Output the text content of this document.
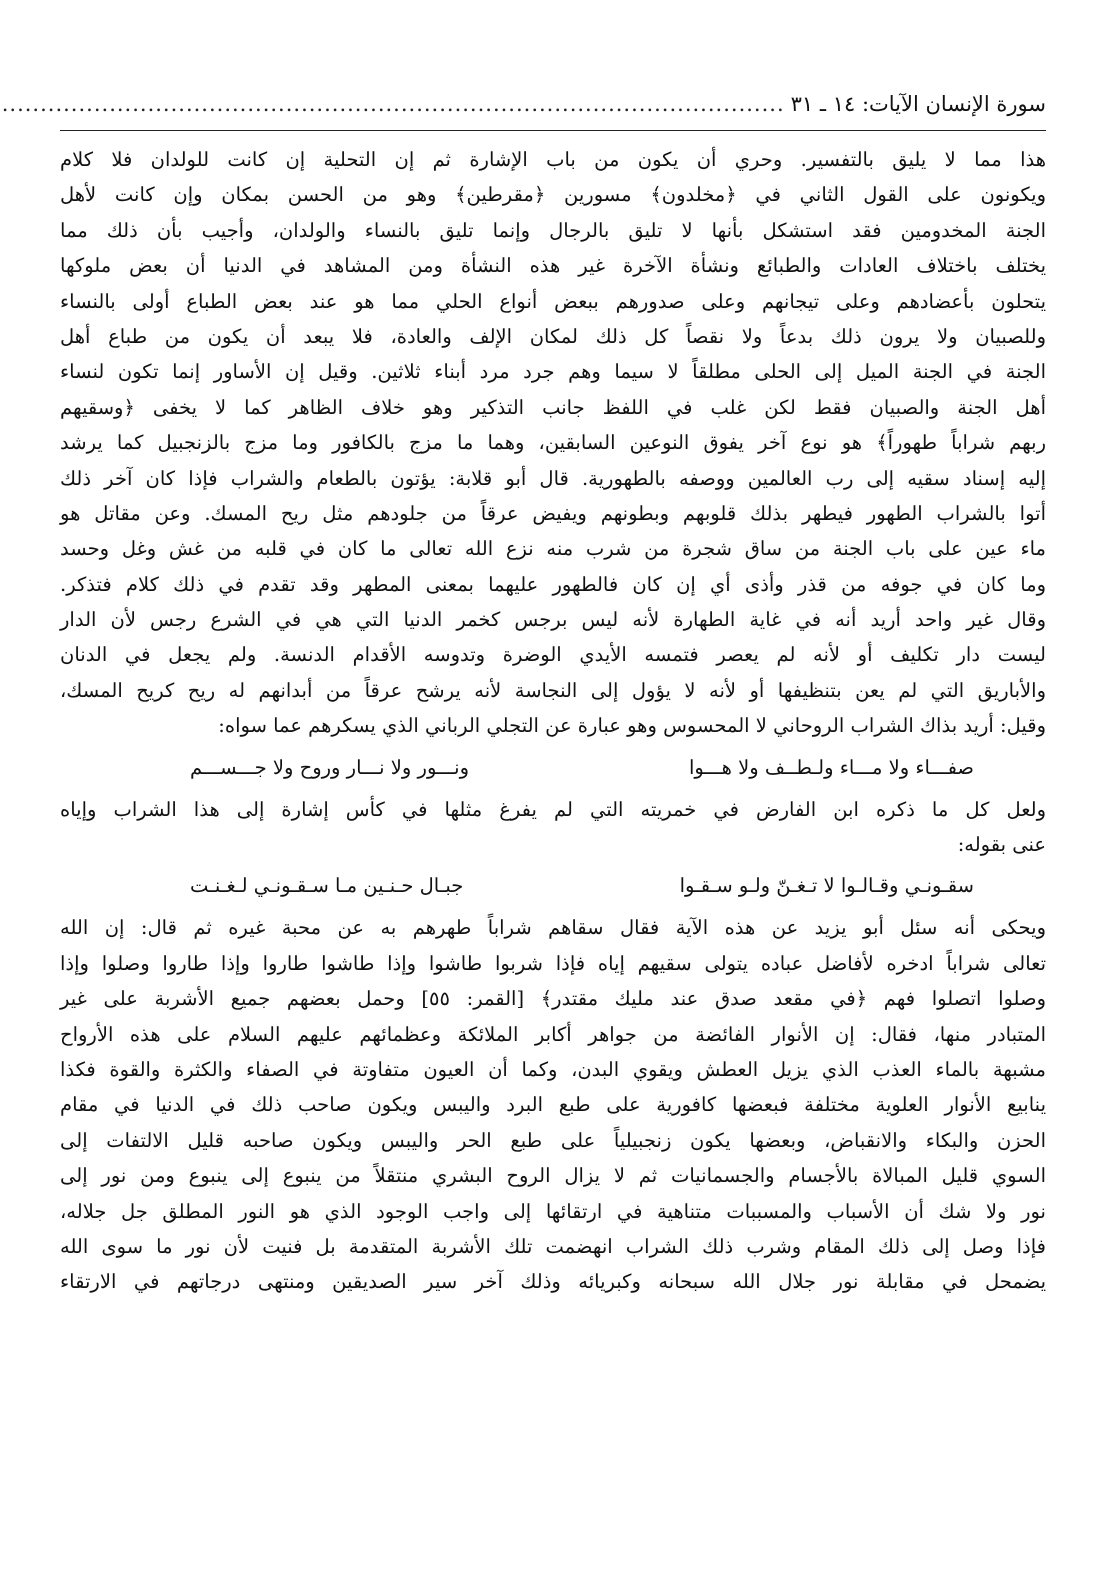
سورة الإنسان الآيات: ١٤ ـ ٣١
......................................................................................................
هذا مما لا يليق بالتفسير. وحري أن يكون من باب الإشارة ثم إن التحلية إن كانت للولدان فلا كلام
ويكونون على القول الثاني في ﴿مخلدون﴾ مسورين ﴿مقرطين﴾ وهو من الحسن بمكان وإن كانت لأهل
الجنة المخدومين فقد استشكل بأنها لا تليق بالرجال وإنما تليق بالنساء والولدان، وأجيب بأن ذلك مما
يختلف باختلاف العادات والطبائع ونشأة الآخرة غير هذه النشأة ومن المشاهد في الدنيا أن بعض ملوكها
يتحلون بأعضادهم وعلى تيجانهم وعلى صدورهم ببعض أنواع الحلي مما هو عند بعض الطباع أولى بالنساء
وللصبيان ولا يرون ذلك بدعاً ولا نقصاً كل ذلك لمكان الإلف والعادة، فلا يبعد أن يكون من طباع أهل
الجنة في الجنة الميل إلى الحلى مطلقاً لا سيما وهم جرد مرد أبناء ثلاثين. وقيل إن الأساور إنما تكون لنساء
أهل الجنة والصبيان فقط لكن غلب في اللفظ جانب التذكير وهو خلاف الظاهر كما لا يخفى ﴿وسقيهم
ربهم شراباً طهوراً﴾ هو نوع آخر يفوق النوعين السابقين، وهما ما مزج بالكافور وما مزج بالزنجبيل كما يرشد
إليه إسناد سقيه إلى رب العالمين ووصفه بالطهورية. قال أبو قلابة: يؤتون بالطعام والشراب فإذا كان آخر ذلك
أتوا بالشراب الطهور فيطهر بذلك قلوبهم وبطونهم ويفيض عرقاً من جلودهم مثل ريح المسك. وعن مقاتل هو
ماء عين على باب الجنة من ساق شجرة من شرب منه نزع الله تعالى ما كان في قلبه من غش وغل وحسد
وما كان في جوفه من قذر وأذى أي إن كان فالطهور عليهما بمعنى المطهر وقد تقدم في ذلك كلام فتذكر.
وقال غير واحد أريد أنه في غاية الطهارة لأنه ليس برجس كخمر الدنيا التي هي في الشرع رجس لأن الدار
ليست دار تكليف أو لأنه لم يعصر فتمسه الأيدي الوضرة وتدوسه الأقدام الدنسة. ولم يجعل في الدنان
والأباريق التي لم يعن بتنظيفها أو لأنه لا يؤول إلى النجاسة لأنه يرشح عرقاً من أبدانهم له ريح كريح المسك،
وقيل: أريد بذاك الشراب الروحاني لا المحسوس وهو عبارة عن التجلي الرباني الذي يسكرهم عما سواه:
صفـــاء ولا مـــاء ولـطــف ولا هـــوا
ونـــور ولا نـــار وروح ولا جـــســـم
ولعل كل ما ذكره ابن الفارض في خمريته التي لم يفرغ مثلها في كأس إشارة إلى هذا الشراب وإياه
عنى بقوله:
سقـونـي وقـالـوا لا تـغـنّ ولـو سـقـوا
جبـال حـنـين مـا سـقـونـي لـغـنـت
ويحكى أنه سئل أبو يزيد عن هذه الآية فقال سقاهم شراباً طهرهم به عن محبة غيره ثم قال: إن الله
تعالى شراباً ادخره لأفاضل عباده يتولى سقيهم إياه فإذا شربوا طاشوا وإذا طاشوا طاروا وإذا طاروا وصلوا وإذا
وصلوا اتصلوا فهم ﴿في مقعد صدق عند مليك مقتدر﴾ [القمر: ٥٥] وحمل بعضهم جميع الأشربة على غير
المتبادر منها، فقال: إن الأنوار الفائضة من جواهر أكابر الملائكة وعظمائهم عليهم السلام على هذه الأرواح
مشبهة بالماء العذب الذي يزيل العطش ويقوي البدن، وكما أن العيون متفاوتة في الصفاء والكثرة والقوة فكذا
ينابيع الأنوار العلوية مختلفة فبعضها كافورية على طبع البرد واليبس ويكون صاحب ذلك في الدنيا في مقام
الحزن والبكاء والانقباض، وبعضها يكون زنجبيلياً على طبع الحر واليبس ويكون صاحبه قليل الالتفات إلى
السوي قليل المبالاة بالأجسام والجسمانيات ثم لا يزال الروح البشري منتقلاً من ينبوع إلى ينبوع ومن نور إلى
نور ولا شك أن الأسباب والمسببات متناهية في ارتقائها إلى واجب الوجود الذي هو النور المطلق جل جلاله،
فإذا وصل إلى ذلك المقام وشرب ذلك الشراب انهضمت تلك الأشربة المتقدمة بل فنيت لأن نور ما سوى الله
يضمحل في مقابلة نور جلال الله سبحانه وكبريائه وذلك آخر سير الصديقين ومنتهى درجاتهم في الارتقاء
